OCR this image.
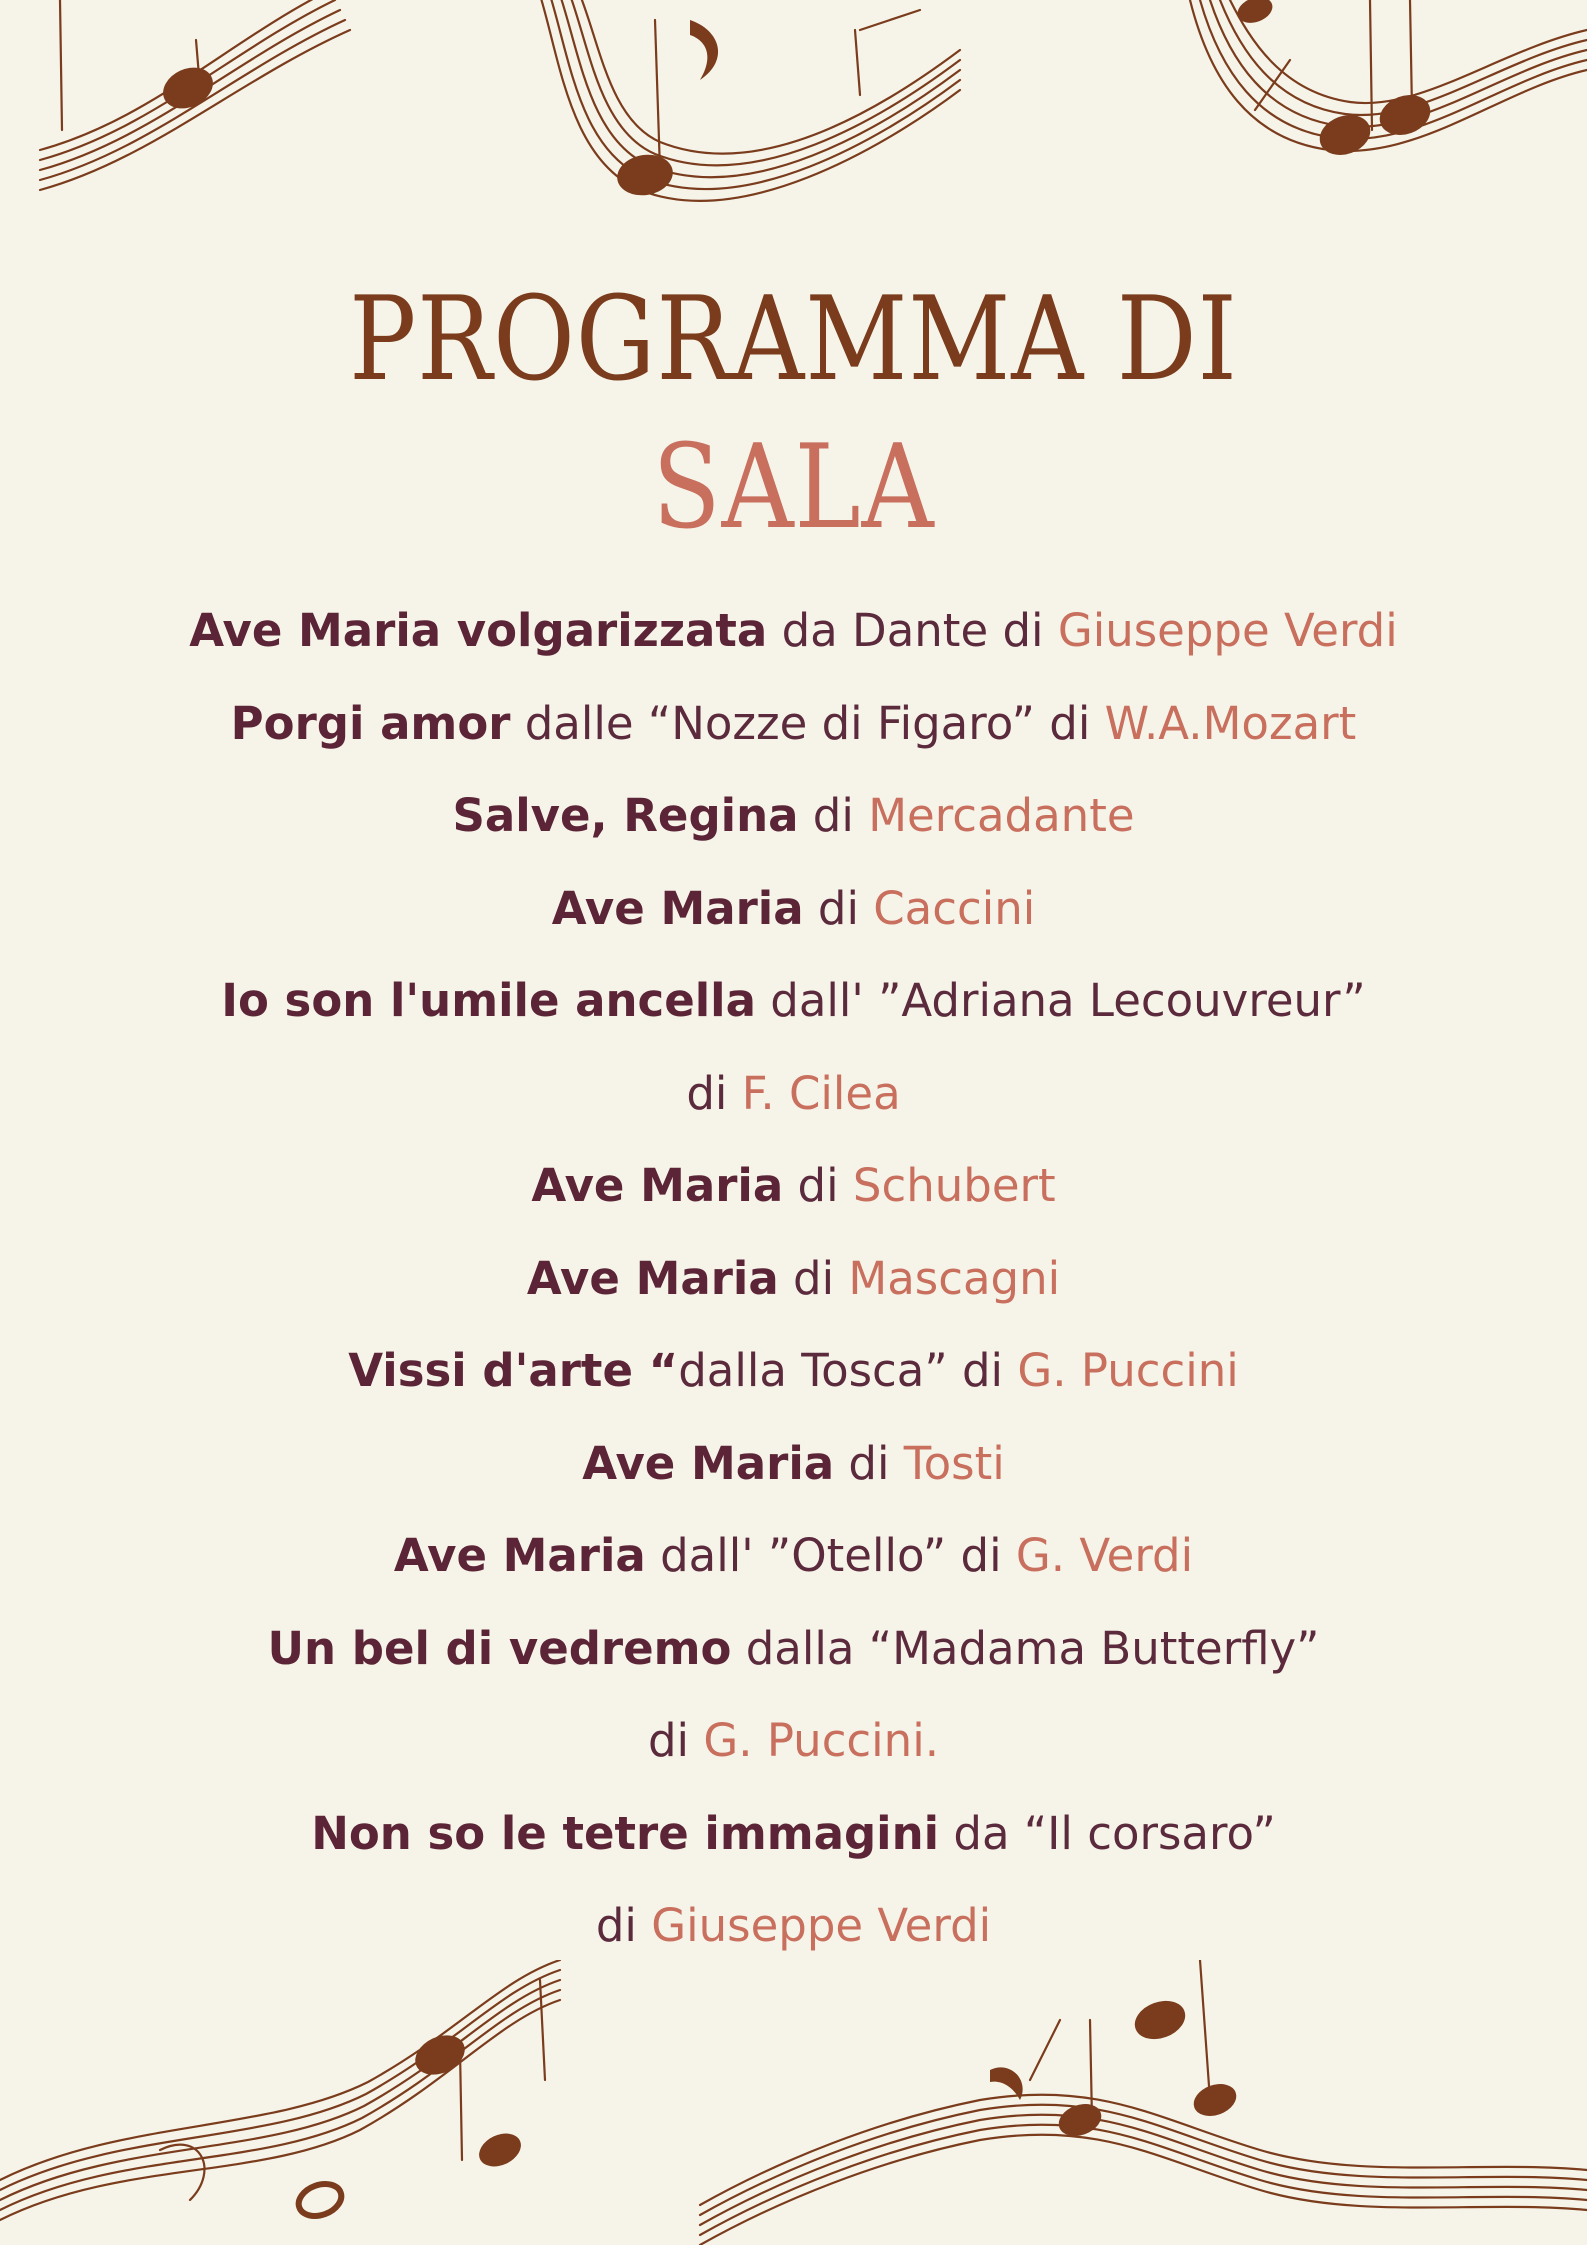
PROGRAMMA DI
SALA
Ave Maria volgarizzata da Dante di Giuseppe Verdi
Porgi amor dalle “Nozze di Figaro” di W.A.Mozart
Salve, Regina di Mercadante
Ave Maria di Caccini
Io son l'umile ancella dall' ”Adriana Lecouvreur”
di F. Cilea
Ave Maria di Schubert
Ave Maria di Mascagni
Vissi d'arte “dalla Tosca” di G. Puccini
Ave Maria di Tosti
Ave Maria dall' ”Otello” di G. Verdi
Un bel di vedremo dalla “Madama Butterfly”
di G. Puccini.
Non so le tetre immagini da “Il corsaro”
di Giuseppe Verdi
